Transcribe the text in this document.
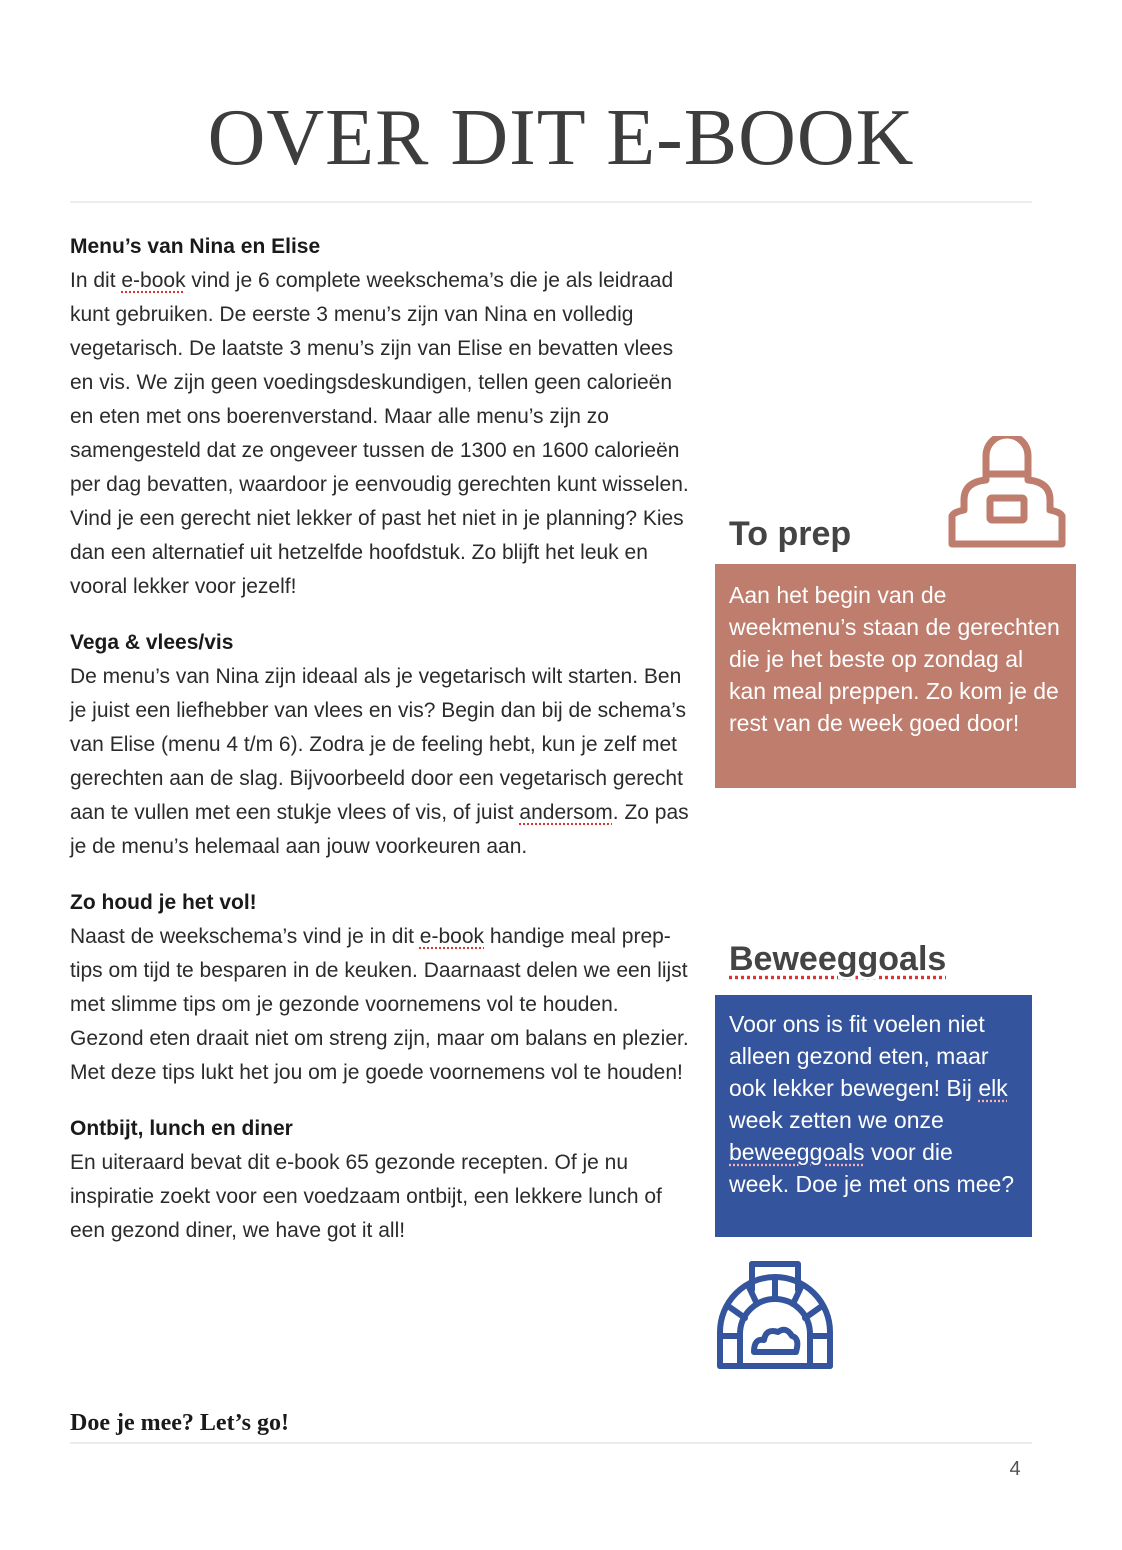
OVER DIT E-BOOK
Menu’s van Nina en Elise

In dit e-book vind je 6 complete weekschema’s die je als leidraad kunt gebruiken. De eerste 3 menu’s zijn van Nina en volledig vegetarisch. De laatste 3 menu’s zijn van Elise en bevatten vlees en vis. We zijn geen voedingsdeskundigen, tellen geen calorieën en eten met ons boerenverstand. Maar alle menu’s zijn zo samengesteld dat ze ongeveer tussen de 1300 en 1600 calorieën per dag bevatten, waardoor je eenvoudig gerechten kunt wisselen. Vind je een gerecht niet lekker of past het niet in je planning? Kies dan een alternatief uit hetzelfde hoofdstuk. Zo blijft het leuk en vooral lekker voor jezelf!

Vega & vlees/vis

De menu’s van Nina zijn ideaal als je vegetarisch wilt starten. Ben je juist een liefhebber van vlees en vis? Begin dan bij de schema’s van Elise (menu 4 t/m 6). Zodra je de feeling hebt, kun je zelf met gerechten aan de slag. Bijvoorbeeld door een vegetarisch gerecht aan te vullen met een stukje vlees of vis, of juist andersom. Zo pas je de menu’s helemaal aan jouw voorkeuren aan.

Zo houd je het vol!

Naast de weekschema’s vind je in dit e-book handige meal prep-tips om tijd te besparen in de keuken. Daarnaast delen we een lijst met slimme tips om je gezonde voornemens vol te houden. Gezond eten draait niet om streng zijn, maar om balans en plezier. Met deze tips lukt het jou om je goede voornemens vol te houden!

Ontbijt, lunch en diner

En uiteraard bevat dit e-book 65 gezonde recepten. Of je nu inspiratie zoekt voor een voedzaam ontbijt, een lekkere lunch of een gezond diner, we have got it all!

Doe je mee? Let’s go!

To prep
Aan het begin van de weekmenu’s staan de gerechten die je het beste op zondag al kan meal preppen. Zo kom je de rest van de week goed door!
Beweeggoals
Voor ons is fit voelen niet alleen gezond eten, maar ook lekker bewegen! Bij elk week zetten we onze beweeggoals voor die week. Doe je met ons mee?
4
